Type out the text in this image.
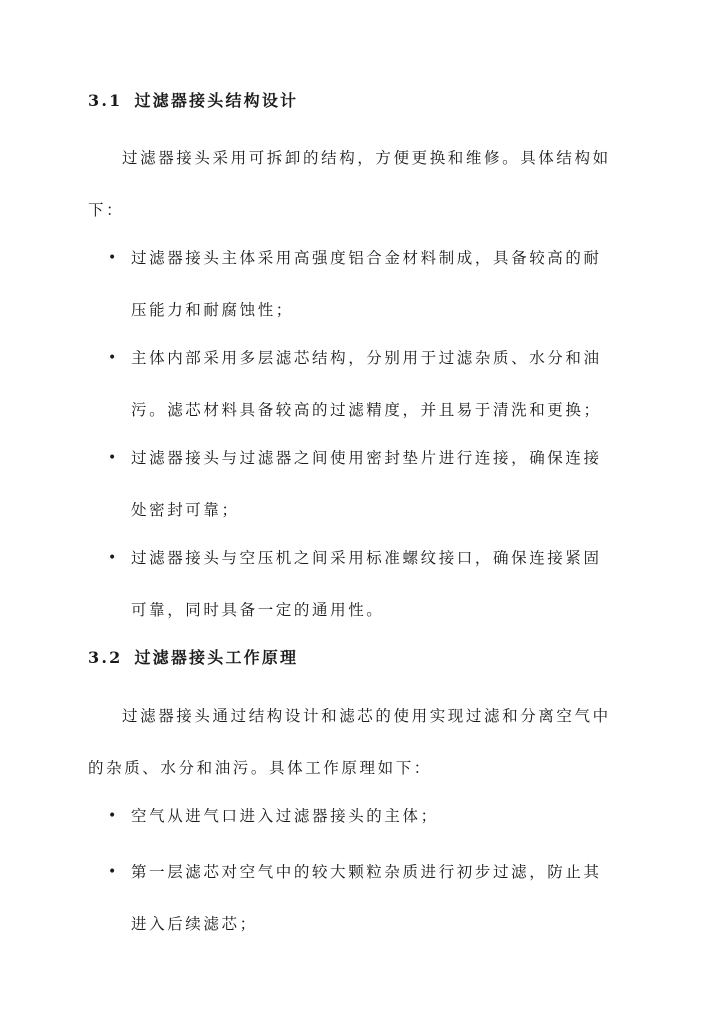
3.1 过滤器接头结构设计
过滤器接头采用可拆卸的结构，方便更换和维修。具体结构如
下：
• 过滤器接头主体采用高强度铝合金材料制成，具备较高的耐
压能力和耐腐蚀性；
• 主体内部采用多层滤芯结构，分别用于过滤杂质、水分和油
污。滤芯材料具备较高的过滤精度，并且易于清洗和更换；
• 过滤器接头与过滤器之间使用密封垫片进行连接，确保连接
处密封可靠；
• 过滤器接头与空压机之间采用标准螺纹接口，确保连接紧固
可靠，同时具备一定的通用性。
3.2 过滤器接头工作原理
过滤器接头通过结构设计和滤芯的使用实现过滤和分离空气中
的杂质、水分和油污。具体工作原理如下：
• 空气从进气口进入过滤器接头的主体；
• 第一层滤芯对空气中的较大颗粒杂质进行初步过滤，防止其
进入后续滤芯；
